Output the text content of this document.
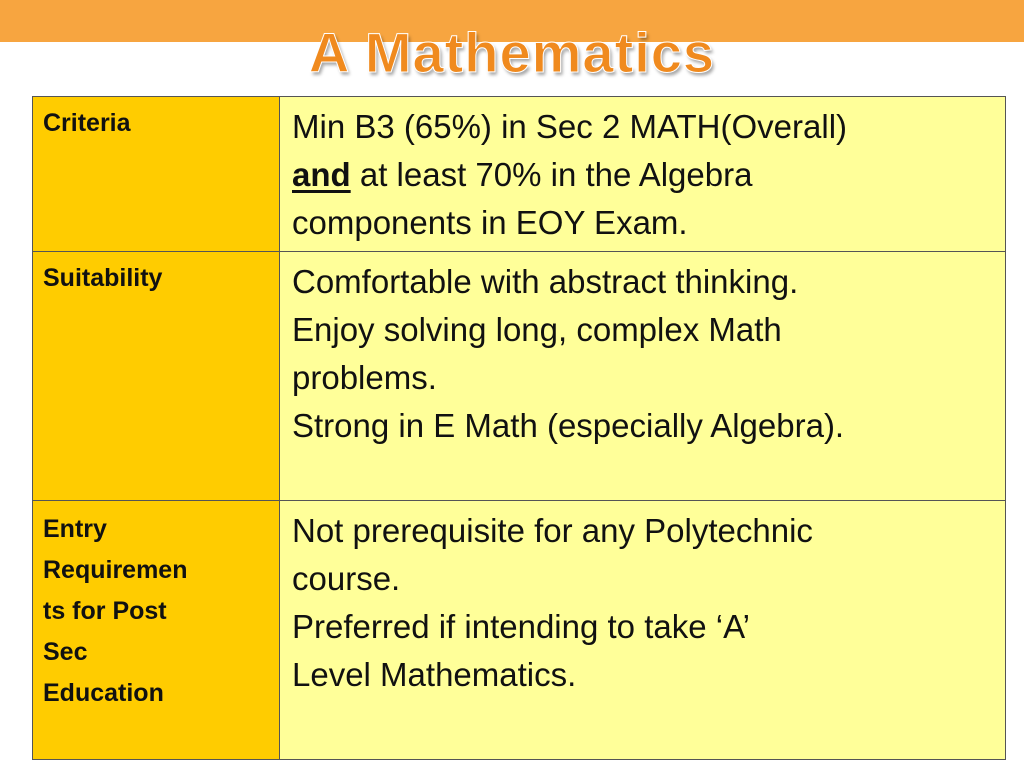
A Mathematics
Criteria	Min B3 (65%) in Sec 2 MATH(Overall)
and at least 70% in the Algebra
components in EOY Exam.

Suitability	Comfortable with abstract thinking.
Enjoy solving long, complex Math
problems.
Strong in E Math (especially Algebra).

Entry
Requiremen
ts for Post
Sec
Education	Not prerequisite for any Polytechnic
course.
Preferred if intending to take ‘A’
Level Mathematics.
